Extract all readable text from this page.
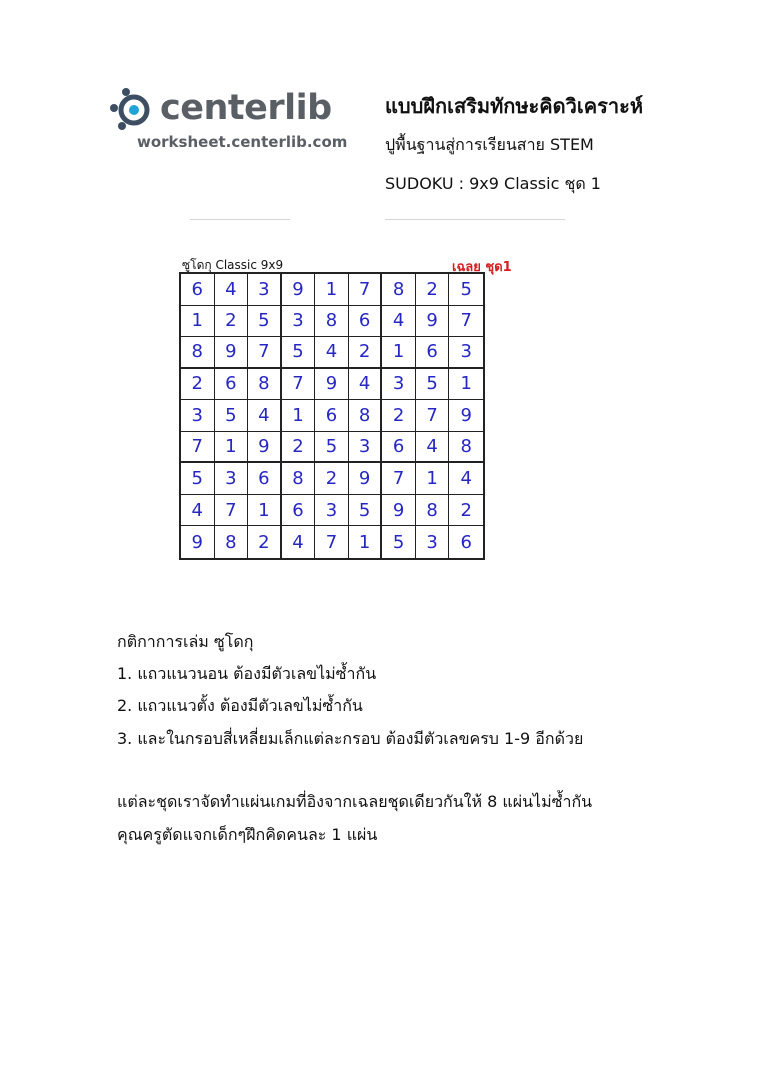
centerlib
worksheet.centerlib.com
แบบฝึกเสริมทักษะคิดวิเคราะห์
ปูพื้นฐานสู่การเรียนสาย STEM
SUDOKU : 9x9 Classic ชุด 1
ซูโดกุ Classic 9x9	เฉลย ชุด1
6	4	3	9	1	7	8	2	5
1	2	5	3	8	6	4	9	7
8	9	7	5	4	2	1	6	3
2	6	8	7	9	4	3	5	1
3	5	4	1	6	8	2	7	9
7	1	9	2	5	3	6	4	8
5	3	6	8	2	9	7	1	4
4	7	1	6	3	5	9	8	2
9	8	2	4	7	1	5	3	6
กติกาการเล่ม ซูโดกุ
1. แถวแนวนอน ต้องมีตัวเลขไม่ซ้ำกัน
2. แถวแนวตั้ง ต้องมีตัวเลขไม่ซ้ำกัน
3. และในกรอบสี่เหลี่ยมเล็กแต่ละกรอบ ต้องมีตัวเลขครบ 1-9 อีกด้วย
แต่ละชุดเราจัดทำแผ่นเกมที่อิงจากเฉลยชุดเดียวกันให้ 8 แผ่นไม่ซ้ำกัน
คุณครูตัดแจกเด็กๆฝึกคิดคนละ 1 แผ่น
